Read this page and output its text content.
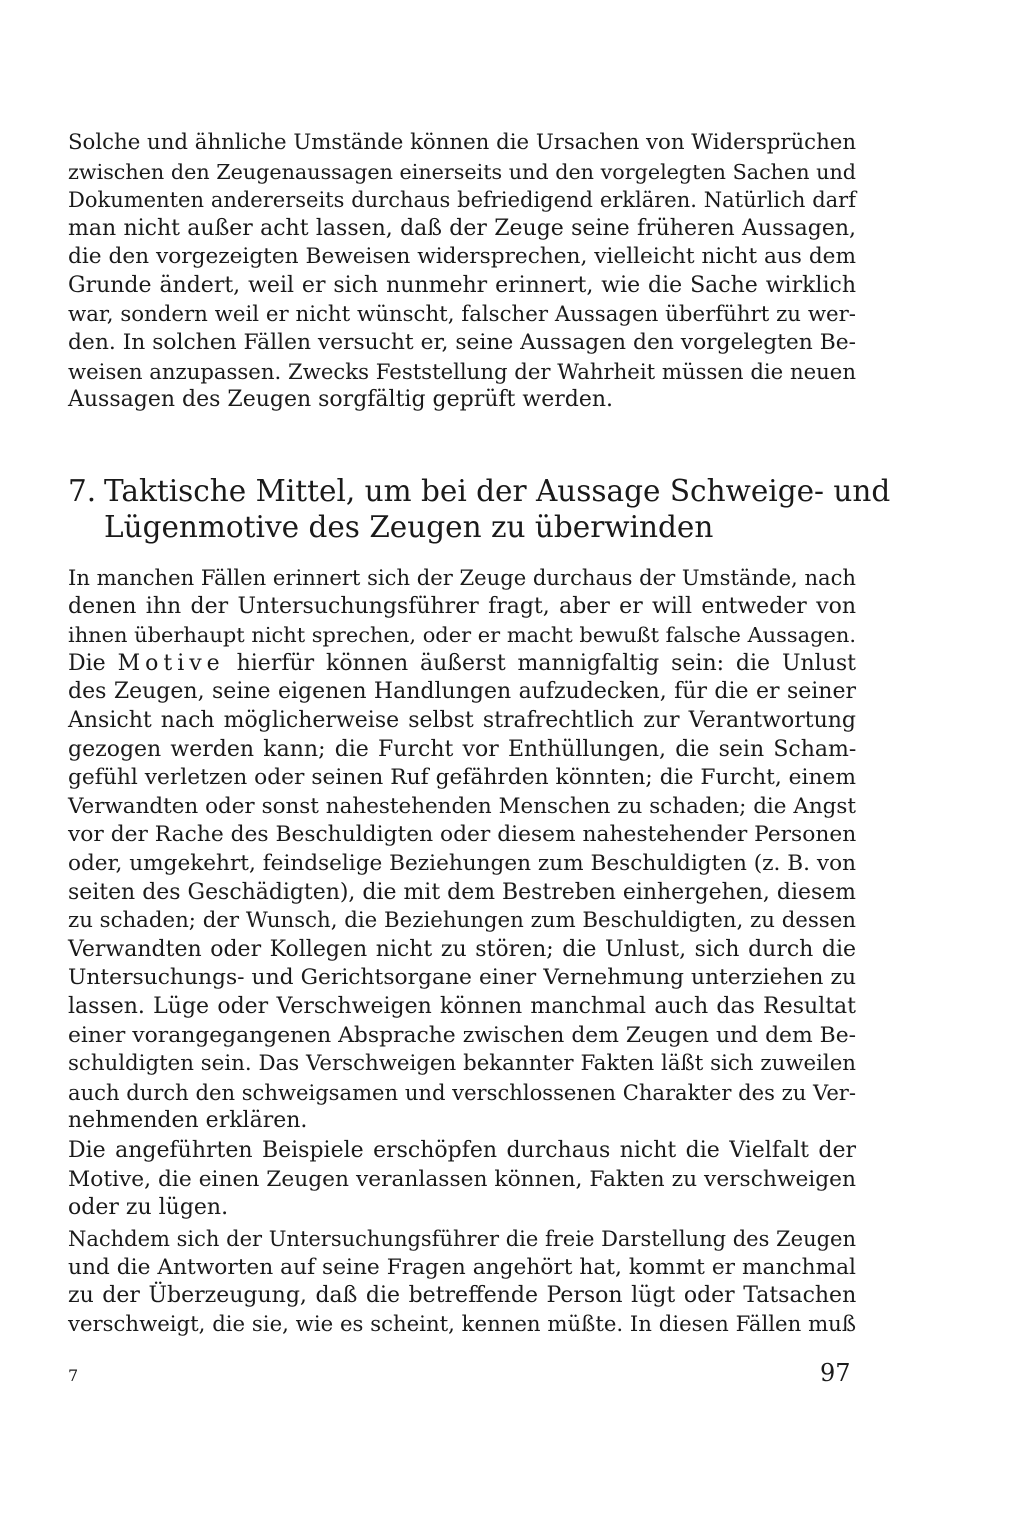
Solche und ähnliche Umstände können die Ursachen von Widersprüchen
zwischen den Zeugenaussagen einerseits und den vorgelegten Sachen und
Dokumenten andererseits durchaus befriedigend erklären. Natürlich darf
man nicht außer acht lassen, daß der Zeuge seine früheren Aussagen,
die den vorgezeigten Beweisen widersprechen, vielleicht nicht aus dem
Grunde ändert, weil er sich nunmehr erinnert, wie die Sache wirklich
war, sondern weil er nicht wünscht, falscher Aussagen überführt zu wer-
den. In solchen Fällen versucht er, seine Aussagen den vorgelegten Be-
weisen anzupassen. Zwecks Feststellung der Wahrheit müssen die neuen
Aussagen des Zeugen sorgfältig geprüft werden.
7. Taktische Mittel, um bei der Aussage Schweige- und
Lügenmotive des Zeugen zu überwinden
In manchen Fällen erinnert sich der Zeuge durchaus der Umstände, nach
denen ihn der Untersuchungsführer fragt, aber er will entweder von
ihnen überhaupt nicht sprechen, oder er macht bewußt falsche Aussagen.
Die Motive hierfür können äußerst mannigfaltig sein: die Unlust
des Zeugen, seine eigenen Handlungen aufzudecken, für die er seiner
Ansicht nach möglicherweise selbst strafrechtlich zur Verantwortung
gezogen werden kann; die Furcht vor Enthüllungen, die sein Scham-
gefühl verletzen oder seinen Ruf gefährden könnten; die Furcht, einem
Verwandten oder sonst nahestehenden Menschen zu schaden; die Angst
vor der Rache des Beschuldigten oder diesem nahestehender Personen
oder, umgekehrt, feindselige Beziehungen zum Beschuldigten (z. B. von
seiten des Geschädigten), die mit dem Bestreben einhergehen, diesem
zu schaden; der Wunsch, die Beziehungen zum Beschuldigten, zu dessen
Verwandten oder Kollegen nicht zu stören; die Unlust, sich durch die
Untersuchungs- und Gerichtsorgane einer Vernehmung unterziehen zu
lassen. Lüge oder Verschweigen können manchmal auch das Resultat
einer vorangegangenen Absprache zwischen dem Zeugen und dem Be-
schuldigten sein. Das Verschweigen bekannter Fakten läßt sich zuweilen
auch durch den schweigsamen und verschlossenen Charakter des zu Ver-
nehmenden erklären.
Die angeführten Beispiele erschöpfen durchaus nicht die Vielfalt der
Motive, die einen Zeugen veranlassen können, Fakten zu verschweigen
oder zu lügen.
Nachdem sich der Untersuchungsführer die freie Darstellung des Zeugen
und die Antworten auf seine Fragen angehört hat, kommt er manchmal
zu der Überzeugung, daß die betreffende Person lügt oder Tatsachen
verschweigt, die sie, wie es scheint, kennen müßte. In diesen Fällen muß
7	97
